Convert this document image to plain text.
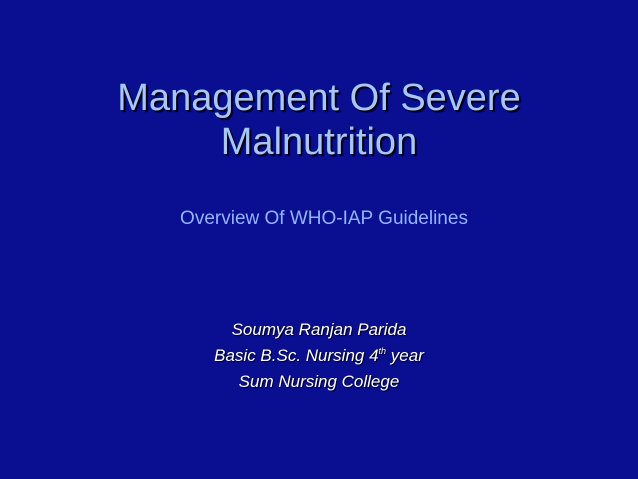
Management Of Severe
Malnutrition

Overview Of WHO-IAP Guidelines

Soumya Ranjan Parida
Basic B.Sc. Nursing 4th year
Sum Nursing College
